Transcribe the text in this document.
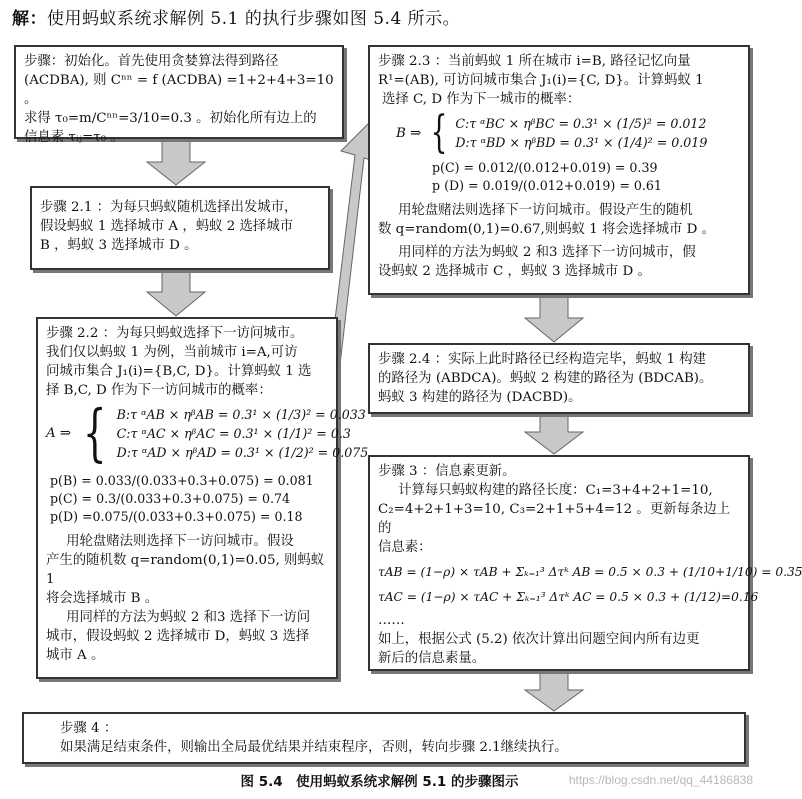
解：使用蚂蚁系统求解例 5.1 的执行步骤如图 5.4 所示。

步骤：初始化。首先使用贪婪算法得到路径

(ACDBA), 则 Cⁿⁿ = f (ACDBA) =1+2+4+3=10 。

求得 τ₀=m/Cⁿⁿ=3/10=0.3 。初始化所有边上的

信息素 τᵢⱼ=τ₀ 。

步骤 2.1 ：为每只蚂蚁随机选择出发城市，

假设蚂蚁 1 选择城市 A ，蚂蚁 2 选择城市

B ，蚂蚁 3 选择城市 D 。

步骤 2.2 ：为每只蚂蚁选择下一访问城市。

我们仅以蚂蚁 1 为例，当前城市 i=A,可访

问城市集合 J₁(i)={B,C, D}。计算蚂蚁 1 选

择 B,C, D 作为下一访问城市的概率：

A ⇒ { B:τ ᵅAB × ηᵝAB = 0.3¹ × (1/3)² = 0.033
C:τ ᵅAC × ηᵝAC = 0.3¹ × (1/1)² = 0.3
D:τ ᵅAD × ηᵝAD = 0.3¹ × (1/2)² = 0.075
p(B) = 0.033/(0.033+0.3+0.075) = 0.081
p(C) = 0.3/(0.033+0.3+0.075) = 0.74
p(D) =0.075/(0.033+0.3+0.075) = 0.18

用轮盘赌法则选择下一访问城市。假设

产生的随机数 q=random(0,1)=0.05, 则蚂蚁 1

将会选择城市 B 。

用同样的方法为蚂蚁 2 和3 选择下一访问

城市，假设蚂蚁 2 选择城市 D，蚂蚁 3 选择

城市 A 。

步骤 2.3 ：当前蚂蚁 1 所在城市 i=B, 路径记忆向量

R¹=(AB), 可访问城市集合 J₁(i)={C, D}。计算蚂蚁 1

选择 C, D 作为下一城市的概率：

B ⇒ { C:τ ᵅBC × ηᵝBC = 0.3¹ × (1/5)² = 0.012
D:τ ᵅBD × ηᵝBD = 0.3¹ × (1/4)² = 0.019
p(C) = 0.012/(0.012+0.019) = 0.39
p (D) = 0.019/(0.012+0.019) = 0.61

用轮盘赌法则选择下一访问城市。假设产生的随机

数 q=random(0,1)=0.67,则蚂蚁 1 将会选择城市 D 。

用同样的方法为蚂蚁 2 和3 选择下一访问城市，假

设蚂蚁 2 选择城市 C ，蚂蚁 3 选择城市 D 。

步骤 2.4 ：实际上此时路径已经构造完毕，蚂蚁 1 构建

的路径为 (ABDCA)。蚂蚁 2 构建的路径为 (BDCAB)。

蚂蚁 3 构建的路径为 (DACBD)。

步骤 3 ：信息素更新。

计算每只蚂蚁构建的路径长度：C₁=3+4+2+1=10,

C₂=4+2+1+3=10, C₃=2+1+5+4=12 。更新每条边上的

信息素：

τAB = (1−ρ) × τAB + Σₖ₌₁³ Δτᵏ AB = 0.5 × 0.3 + (1/10+1/10) = 0.35

τAC = (1−ρ) × τAC + Σₖ₌₁³ Δτᵏ AC = 0.5 × 0.3 + (1/12)=0.16

……

如上，根据公式 (5.2) 依次计算出问题空间内所有边更

新后的信息素量。

步骤 4 ：

如果满足结束条件，则输出全局最优结果并结束程序，否则，转向步骤 2.1继续执行。

图 5.4　使用蚂蚁系统求解例 5.1 的步骤图示	https://blog.csdn.net/qq_44186838
